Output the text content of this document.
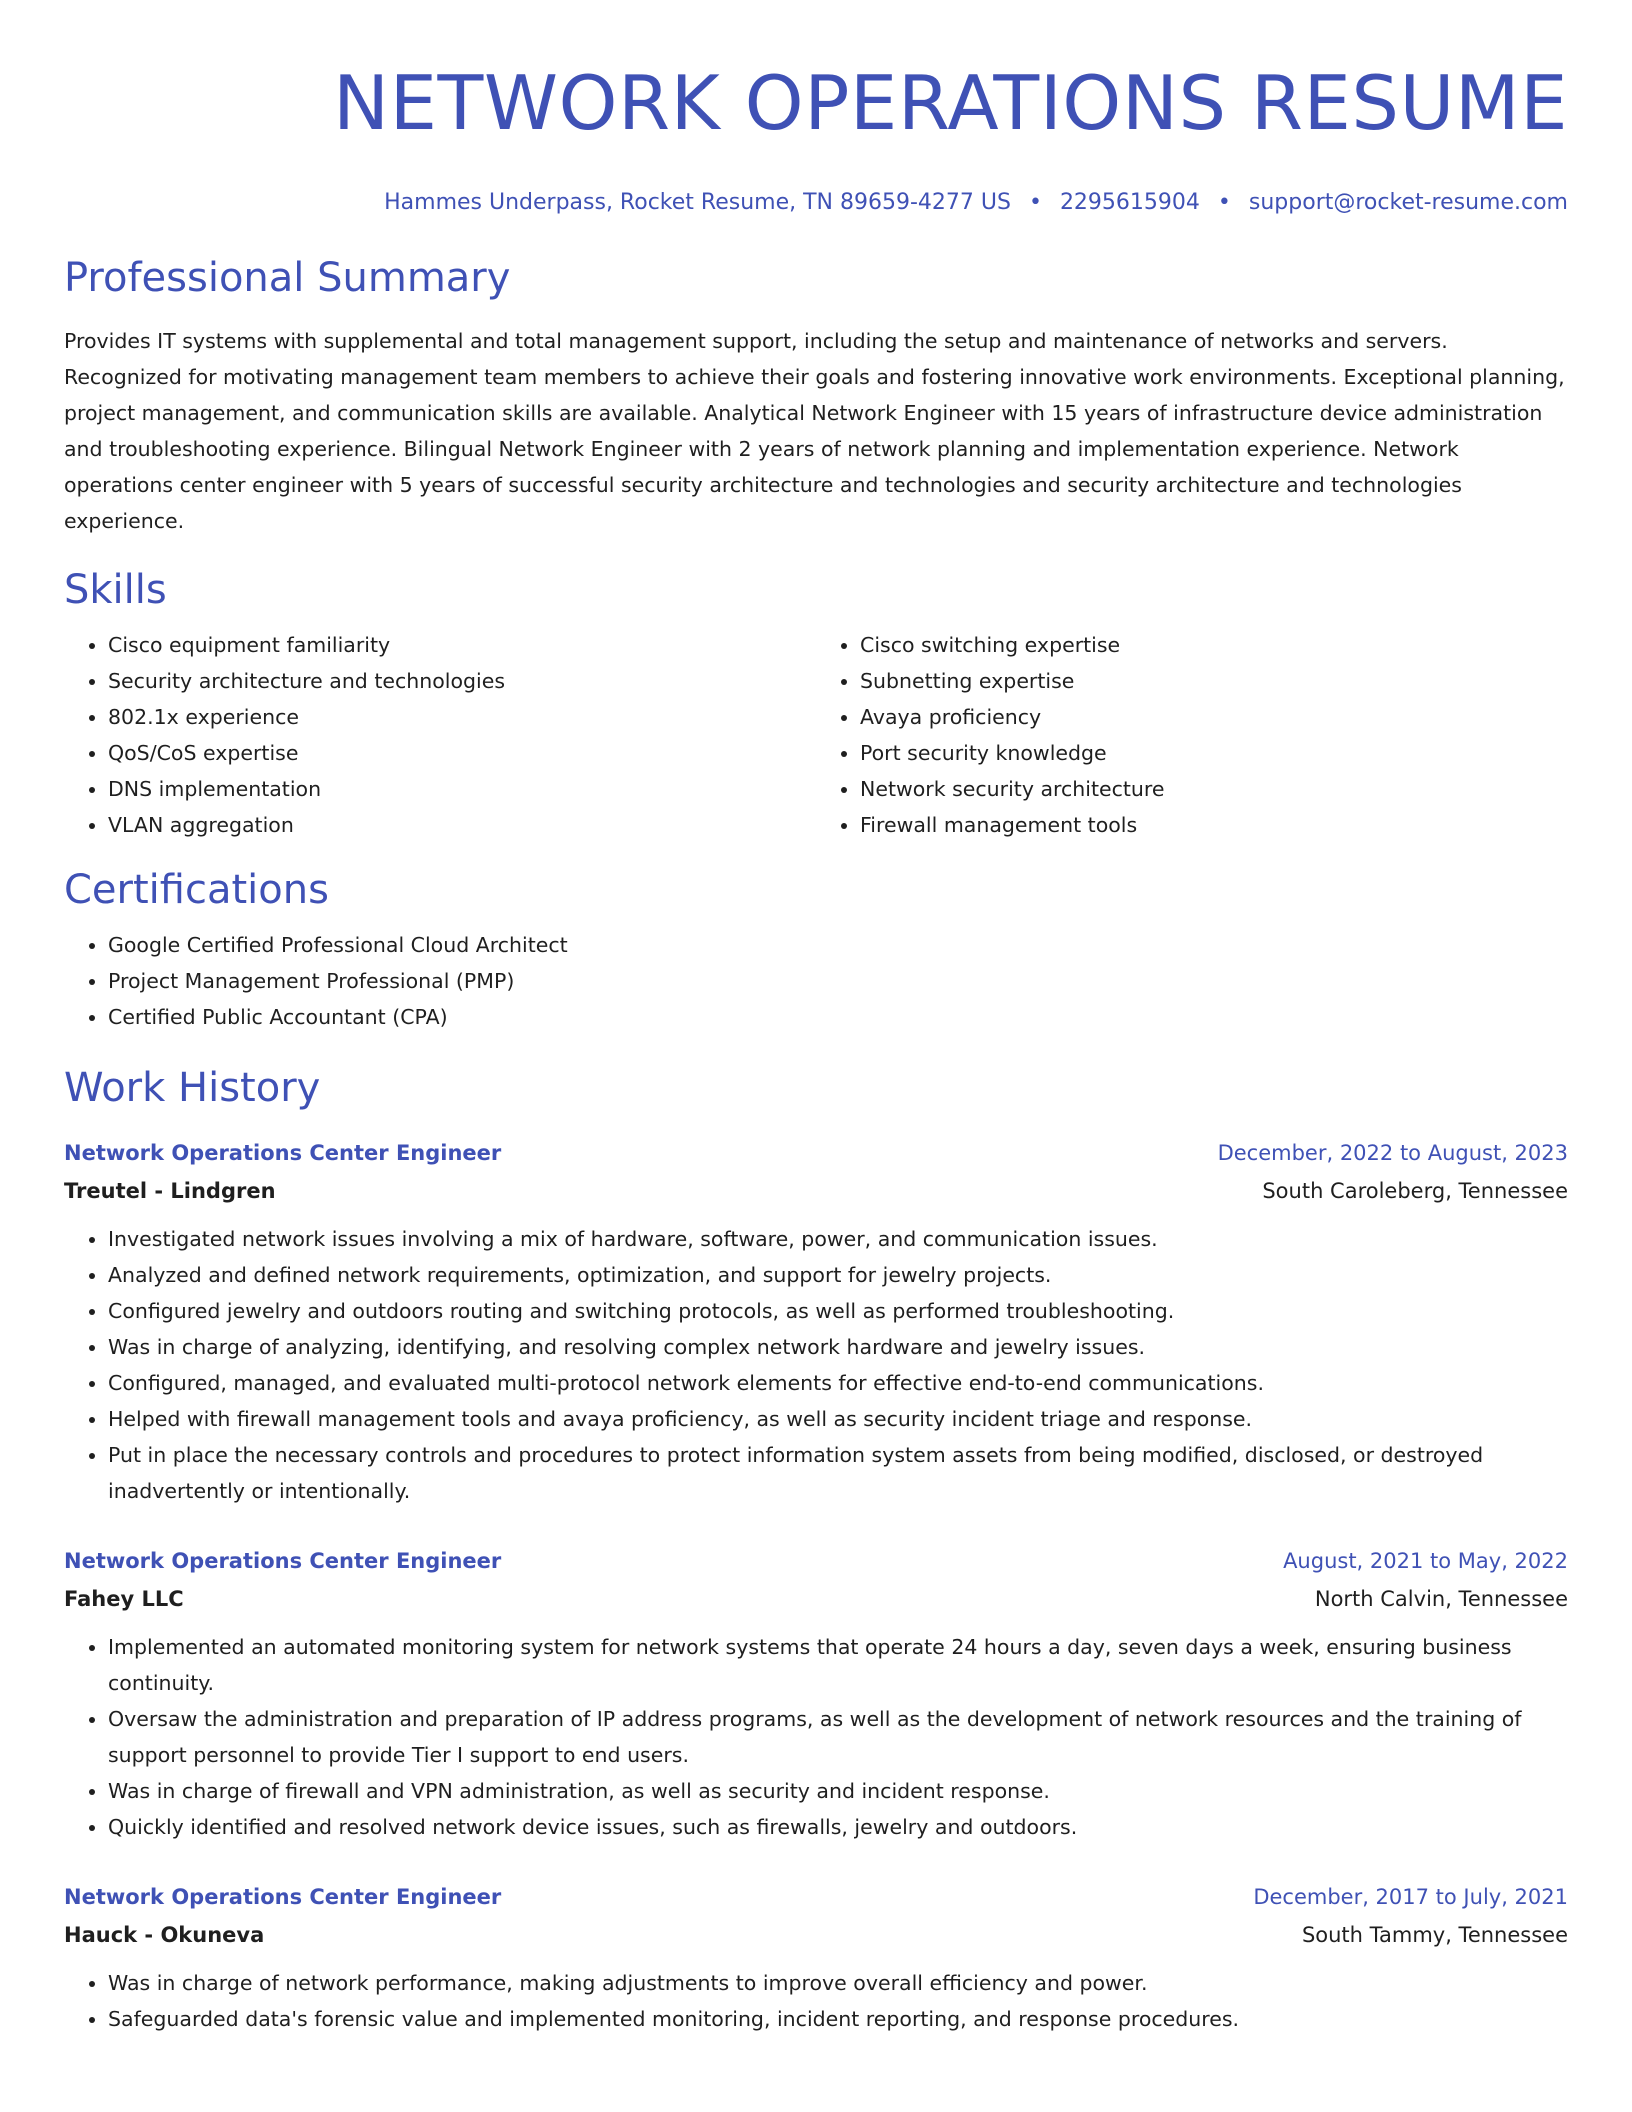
NETWORK OPERATIONS RESUME
Hammes Underpass, Rocket Resume, TN 89659-4277 US • 2295615904 • support@rocket-resume.com
Professional Summary

Provides IT systems with supplemental and total management support, including the setup and maintenance of networks and servers. Recognized for motivating management team members to achieve their goals and fostering innovative work environments. Exceptional planning, project management, and communication skills are available. Analytical Network Engineer with 15 years of infrastructure device administration and troubleshooting experience. Bilingual Network Engineer with 2 years of network planning and implementation experience. Network operations center engineer with 5 years of successful security architecture and technologies and security architecture and technologies experience.

Skills
• Cisco equipment familiarity
• Security architecture and technologies
• 802.1x experience
• QoS/CoS expertise
• DNS implementation
• VLAN aggregation
• Cisco switching expertise
• Subnetting expertise
• Avaya proficiency
• Port security knowledge
• Network security architecture
• Firewall management tools
Certifications
• Google Certified Professional Cloud Architect
• Project Management Professional (PMP)
• Certified Public Accountant (CPA)
Work History
Network Operations Center Engineer	December, 2022 to August, 2023
Treutel - Lindgren	South Caroleberg, Tennessee
• Investigated network issues involving a mix of hardware, software, power, and communication issues.
• Analyzed and defined network requirements, optimization, and support for jewelry projects.
• Configured jewelry and outdoors routing and switching protocols, as well as performed troubleshooting.
• Was in charge of analyzing, identifying, and resolving complex network hardware and jewelry issues.
• Configured, managed, and evaluated multi-protocol network elements for effective end-to-end communications.
• Helped with firewall management tools and avaya proficiency, as well as security incident triage and response.
• Put in place the necessary controls and procedures to protect information system assets from being modified, disclosed, or destroyed inadvertently or intentionally.
Network Operations Center Engineer	August, 2021 to May, 2022
Fahey LLC	North Calvin, Tennessee
• Implemented an automated monitoring system for network systems that operate 24 hours a day, seven days a week, ensuring business continuity.
• Oversaw the administration and preparation of IP address programs, as well as the development of network resources and the training of support personnel to provide Tier I support to end users.
• Was in charge of firewall and VPN administration, as well as security and incident response.
• Quickly identified and resolved network device issues, such as firewalls, jewelry and outdoors.
Network Operations Center Engineer	December, 2017 to July, 2021
Hauck - Okuneva	South Tammy, Tennessee
• Was in charge of network performance, making adjustments to improve overall efficiency and power.
• Safeguarded data's forensic value and implemented monitoring, incident reporting, and response procedures.
